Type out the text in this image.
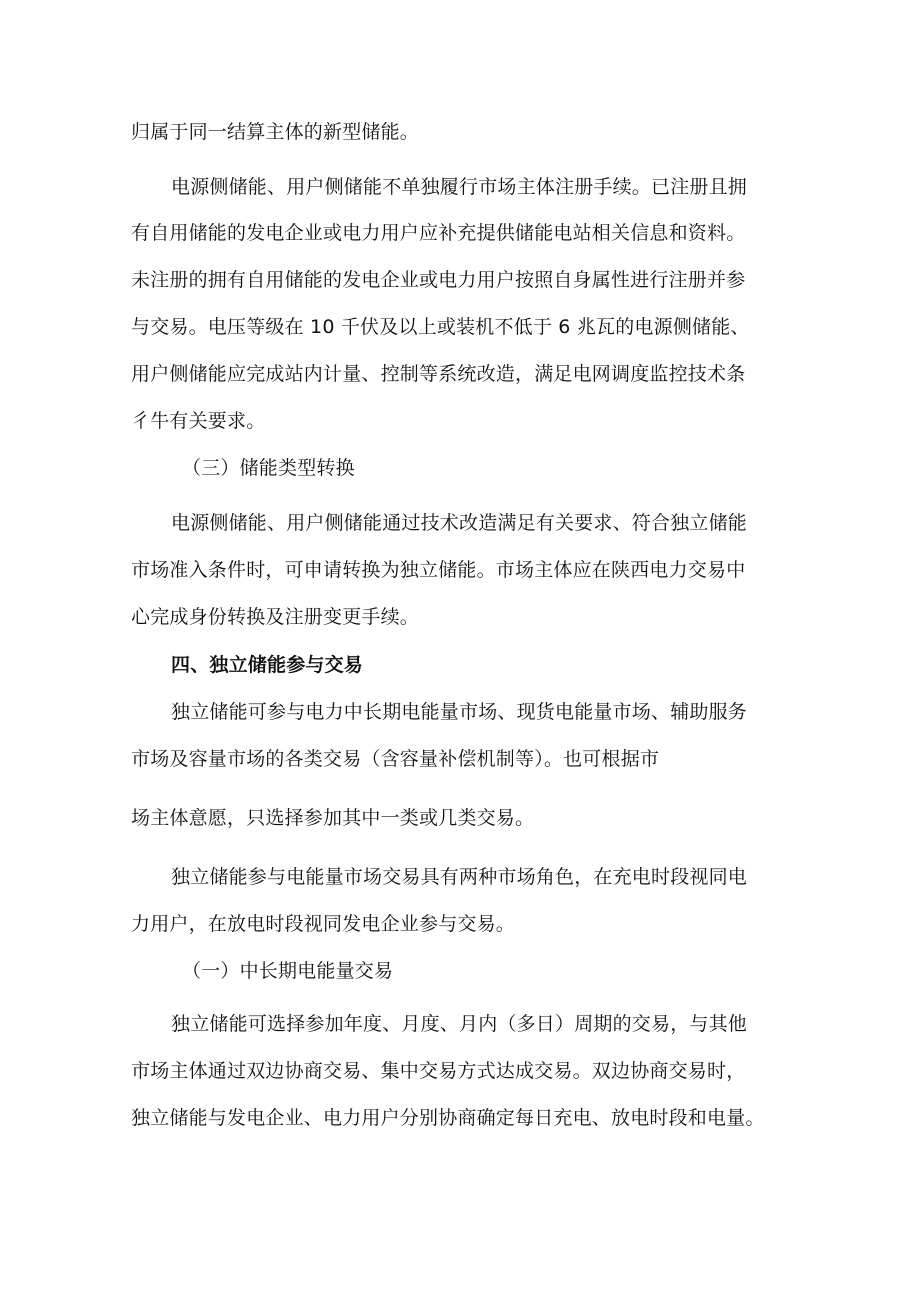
归属于同一结算主体的新型储能。
电源侧储能、用户侧储能不单独履行市场主体注册手续。已注册且拥
有自用储能的发电企业或电力用户应补充提供储能电站相关信息和资料。
未注册的拥有自用储能的发电企业或电力用户按照自身属性进行注册并参
与交易。电压等级在 10 千伏及以上或装机不低于 6 兆瓦的电源侧储能、
用户侧储能应完成站内计量、控制等系统改造，满足电网调度监控技术条
彳牛有关要求。
（三）储能类型转换
电源侧储能、用户侧储能通过技术改造满足有关要求、符合独立储能
市场准入条件时，可申请转换为独立储能。市场主体应在陕西电力交易中
心完成身份转换及注册变更手续。
四、独立储能参与交易
独立储能可参与电力中长期电能量市场、现货电能量市场、辅助服务
市场及容量市场的各类交易（含容量补偿机制等）。也可根据市
场主体意愿，只选择参加其中一类或几类交易。
独立储能参与电能量市场交易具有两种市场角色，在充电时段视同电
力用户，在放电时段视同发电企业参与交易。
（一）中长期电能量交易
独立储能可选择参加年度、月度、月内（多日）周期的交易，与其他
市场主体通过双边协商交易、集中交易方式达成交易。双边协商交易时，
独立储能与发电企业、电力用户分别协商确定每日充电、放电时段和电量。
